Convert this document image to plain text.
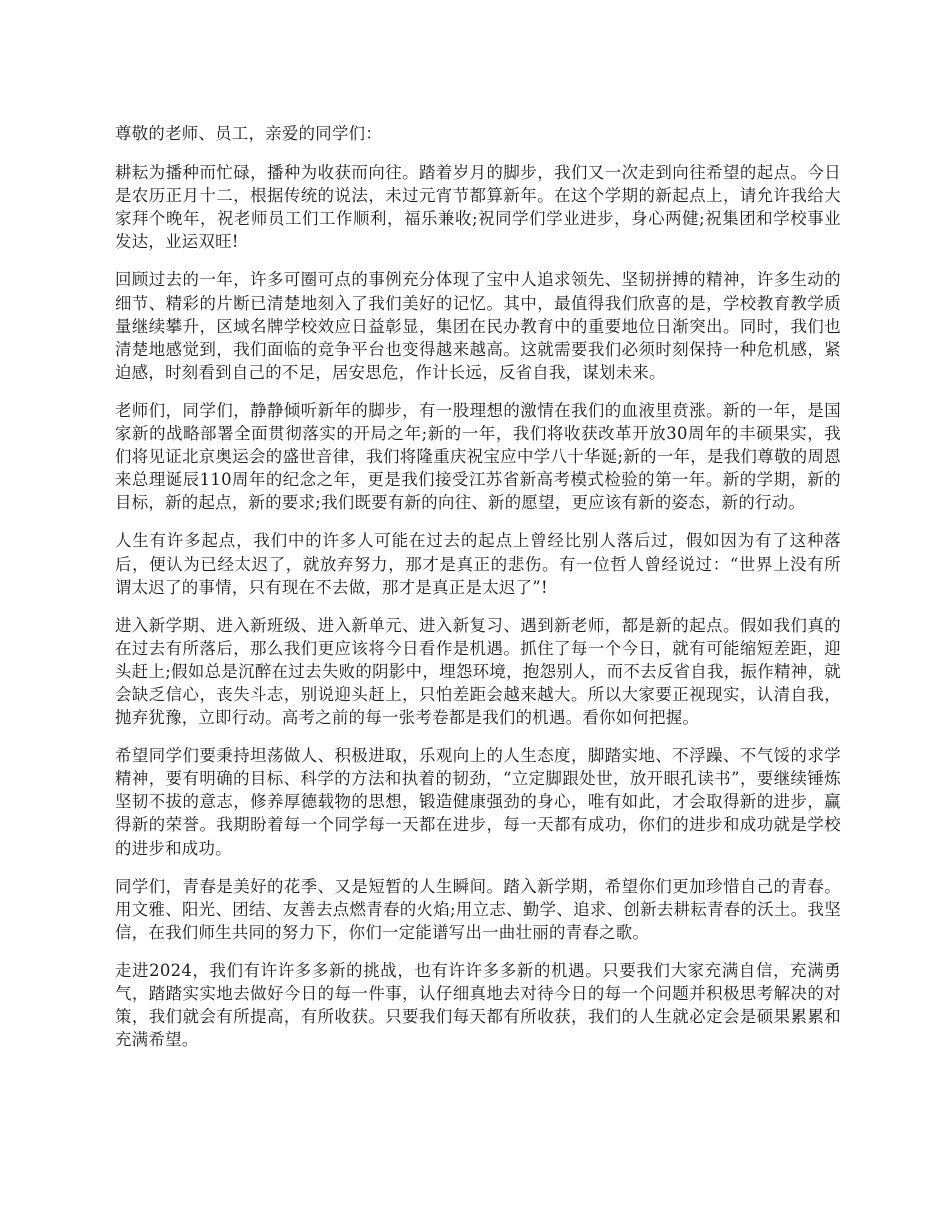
尊敬的老师、员工，亲爱的同学们：

耕耘为播种而忙碌，播种为收获而向往。踏着岁月的脚步，我们又一次走到向往希望的起点。今日是农历正月十二，根据传统的说法，未过元宵节都算新年。在这个学期的新起点上，请允许我给大家拜个晚年，祝老师员工们工作顺利，福乐兼收;祝同学们学业进步，身心两健;祝集团和学校事业发达，业运双旺!

回顾过去的一年，许多可圈可点的事例充分体现了宝中人追求领先、坚韧拼搏的精神，许多生动的细节、精彩的片断已清楚地刻入了我们美好的记忆。其中，最值得我们欣喜的是，学校教育教学质量继续攀升，区域名牌学校效应日益彰显，集团在民办教育中的重要地位日渐突出。同时，我们也清楚地感觉到，我们面临的竞争平台也变得越来越高。这就需要我们必须时刻保持一种危机感，紧迫感，时刻看到自己的不足，居安思危，作计长远，反省自我，谋划未来。

老师们，同学们，静静倾听新年的脚步，有一股理想的激情在我们的血液里贲涨。新的一年，是国家新的战略部署全面贯彻落实的开局之年;新的一年，我们将收获改革开放30周年的丰硕果实，我们将见证北京奥运会的盛世音律，我们将隆重庆祝宝应中学八十华诞;新的一年，是我们尊敬的周恩来总理诞辰110周年的纪念之年，更是我们接受江苏省新高考模式检验的第一年。新的学期，新的目标，新的起点，新的要求;我们既要有新的向往、新的愿望，更应该有新的姿态，新的行动。

人生有许多起点，我们中的许多人可能在过去的起点上曾经比别人落后过，假如因为有了这种落后，便认为已经太迟了，就放弃努力，那才是真正的悲伤。有一位哲人曾经说过：“世界上没有所谓太迟了的事情，只有现在不去做，那才是真正是太迟了”!

进入新学期、进入新班级、进入新单元、进入新复习、遇到新老师，都是新的起点。假如我们真的在过去有所落后，那么我们更应该将今日看作是机遇。抓住了每一个今日，就有可能缩短差距，迎头赶上;假如总是沉醉在过去失败的阴影中，埋怨环境，抱怨别人，而不去反省自我，振作精神，就会缺乏信心，丧失斗志，别说迎头赶上，只怕差距会越来越大。所以大家要正视现实，认清自我，抛弃犹豫，立即行动。高考之前的每一张考卷都是我们的机遇。看你如何把握。

希望同学们要秉持坦荡做人、积极进取，乐观向上的人生态度，脚踏实地、不浮躁、不气馁的求学精神，要有明确的目标、科学的方法和执着的韧劲，“立定脚跟处世，放开眼孔读书”，要继续锤炼坚韧不拔的意志，修养厚德载物的思想，锻造健康强劲的身心，唯有如此，才会取得新的进步，赢得新的荣誉。我期盼着每一个同学每一天都在进步，每一天都有成功，你们的进步和成功就是学校的进步和成功。

同学们，青春是美好的花季、又是短暂的人生瞬间。踏入新学期，希望你们更加珍惜自己的青春。用文雅、阳光、团结、友善去点燃青春的火焰;用立志、勤学、追求、创新去耕耘青春的沃土。我坚信，在我们师生共同的努力下，你们一定能谱写出一曲壮丽的青春之歌。

走进2024，我们有许许多多新的挑战，也有许许多多新的机遇。只要我们大家充满自信，充满勇气，踏踏实实地去做好今日的每一件事，认仔细真地去对待今日的每一个问题并积极思考解决的对策，我们就会有所提高，有所收获。只要我们每天都有所收获，我们的人生就必定会是硕果累累和充满希望。
